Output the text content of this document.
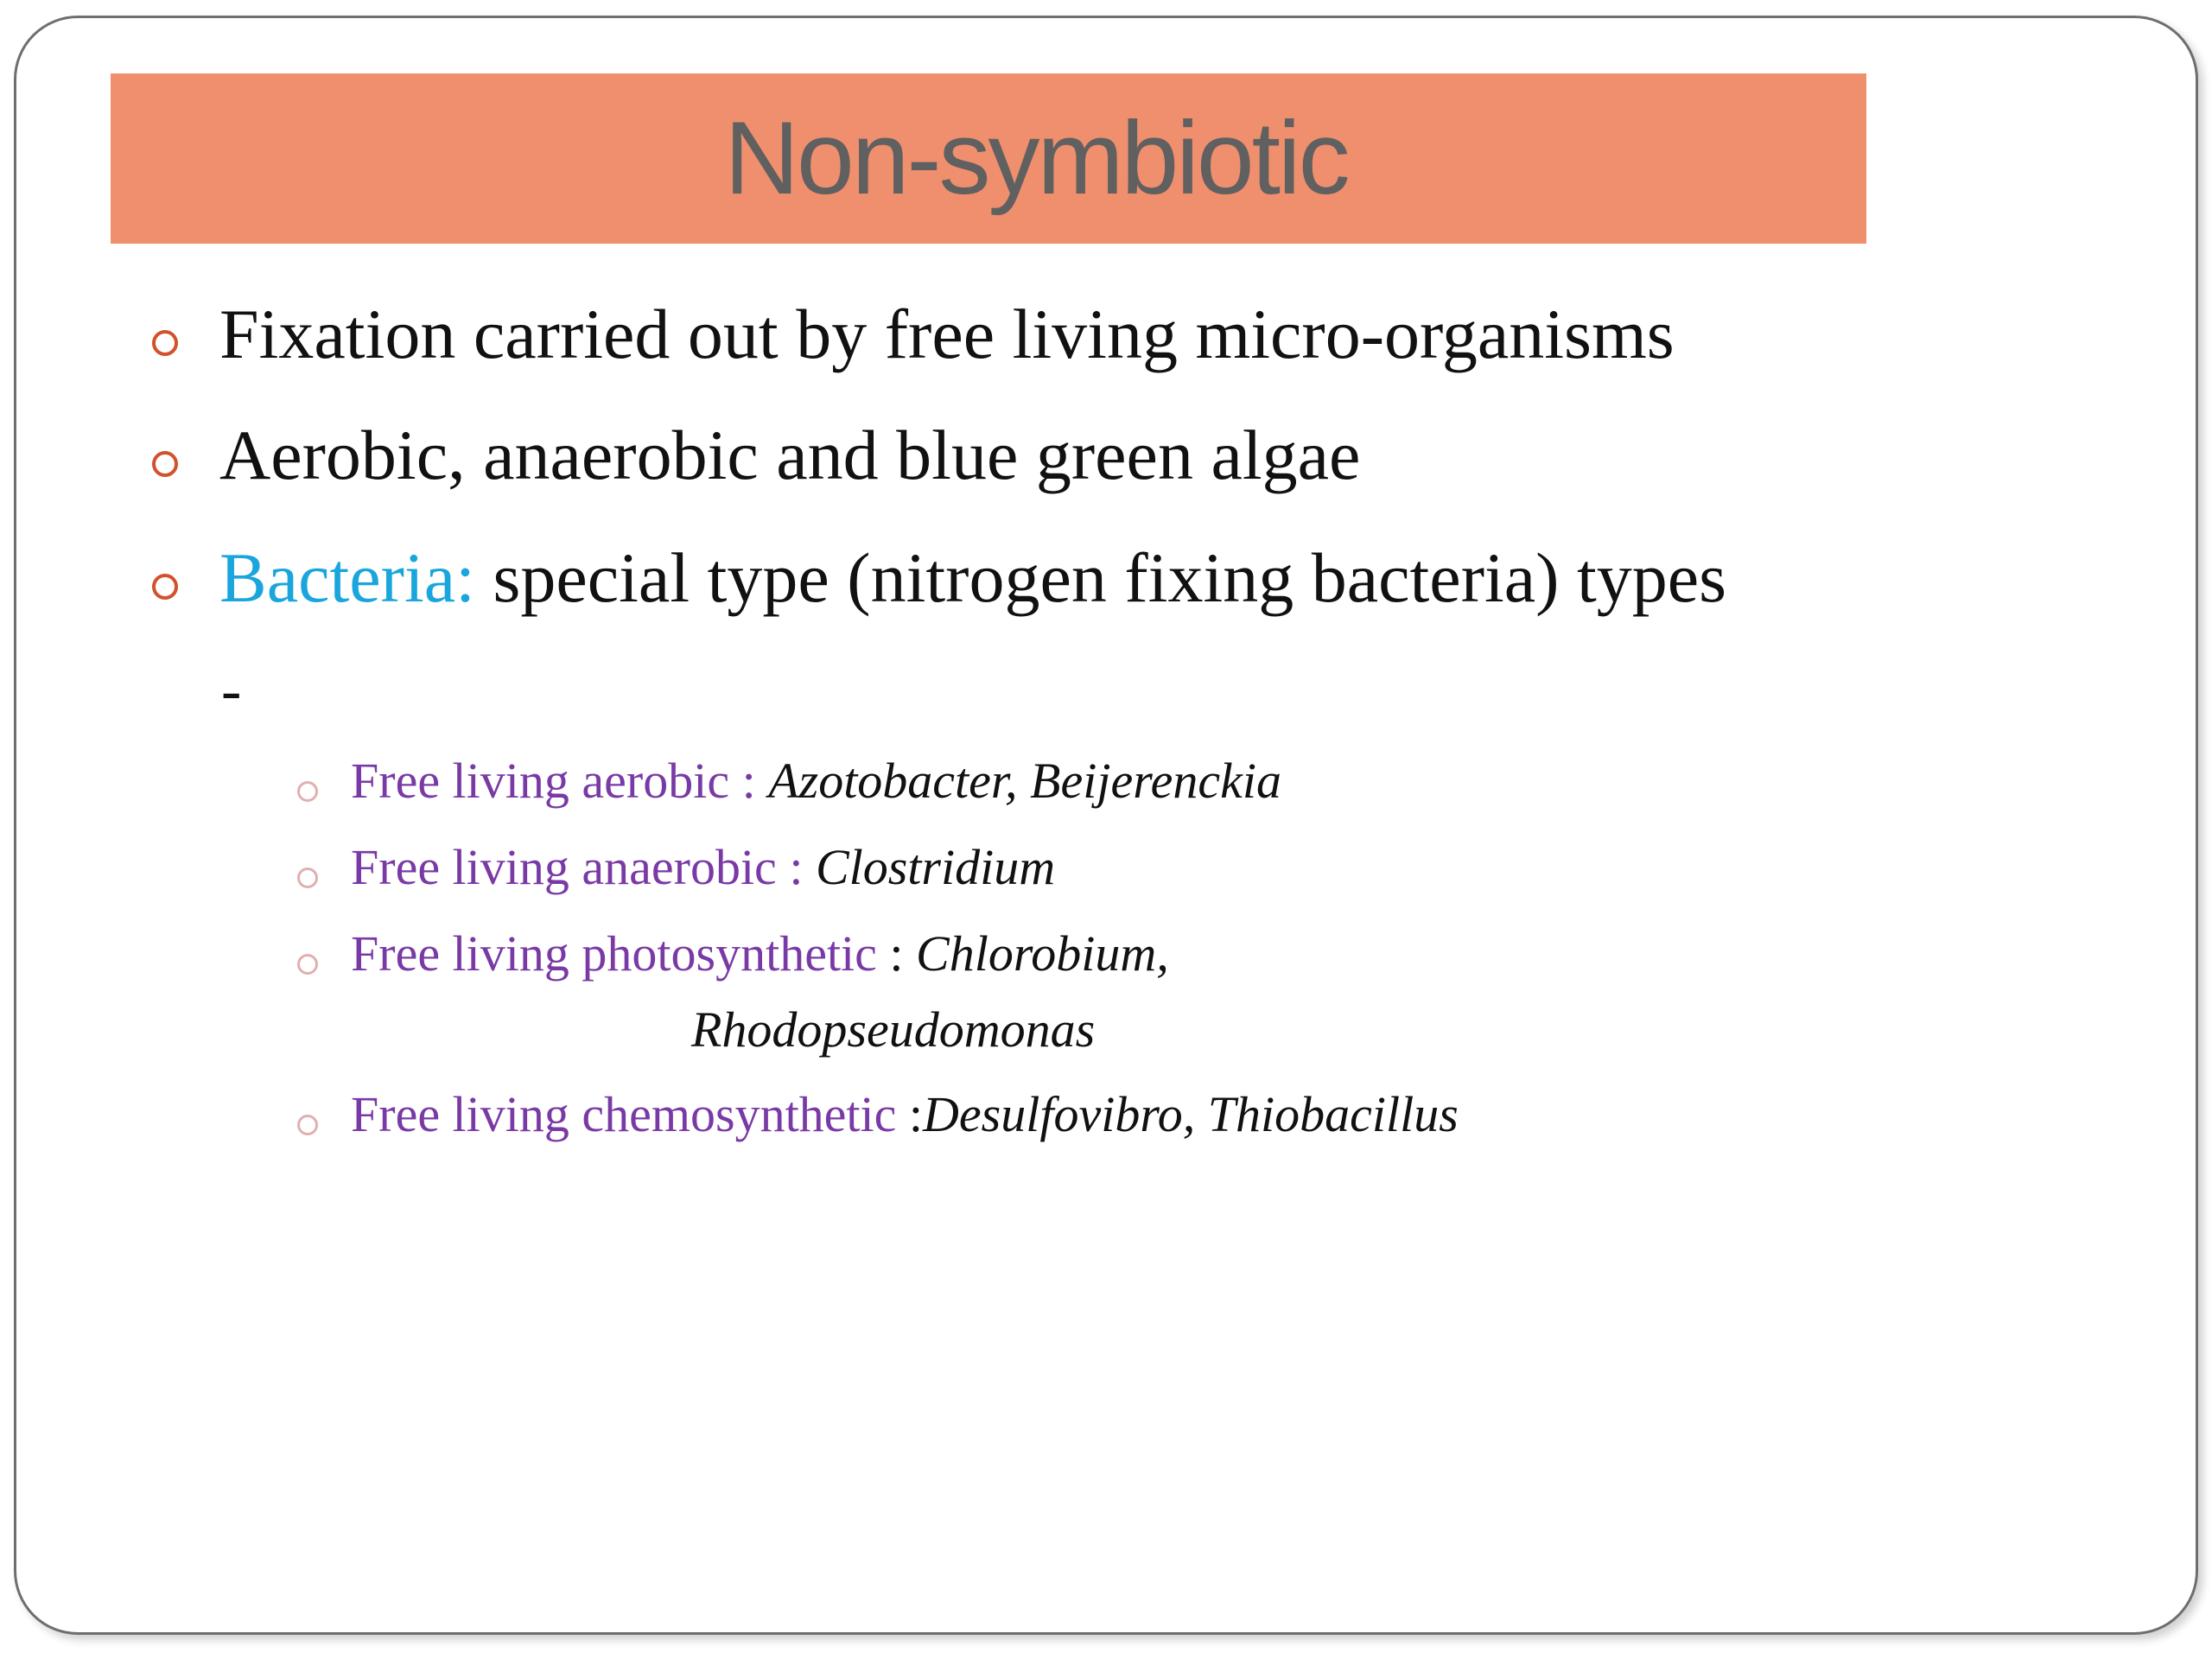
Non-symbiotic
Fixation carried out by free living micro-organisms
Aerobic, anaerobic and blue green algae
Bacteria: special type (nitrogen fixing bacteria) types
-
Free living aerobic : Azotobacter, Beijerenckia
Free living anaerobic : Clostridium
Free living photosynthetic : Chlorobium,
Rhodopseudomonas
Free living chemosynthetic :Desulfovibro, Thiobacillus
